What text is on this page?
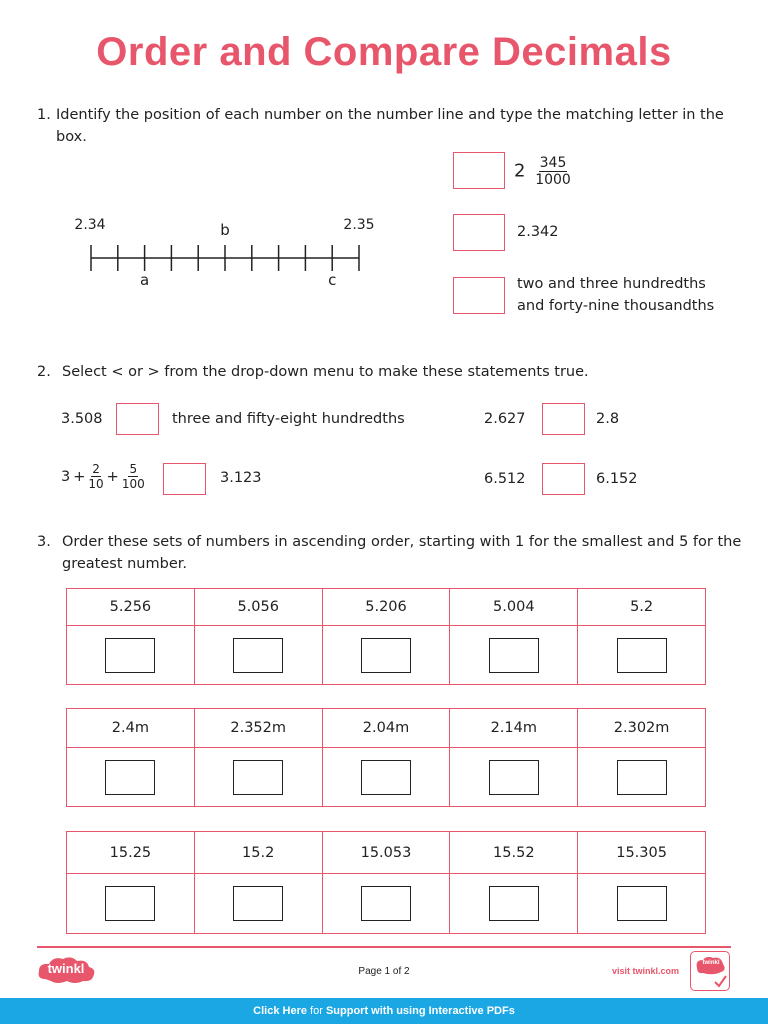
Order and Compare Decimals
1. Identify the position of each number on the number line and type the matching letter in the box.
2.34	2.35
b
a	c
$2 \frac{345}{1000}$
2.342
two and three hundredths
and forty-nine thousandths
2. Select < or > from the drop-down menu to make these statements true.
3.508	three and fifty-eight hundredths	2.627	2.8
$3 + \frac{2}{10} + \frac{5}{100}$	3.123	6.512	6.152
3. Order these sets of numbers in ascending order, starting with 1 for the smallest and 5 for the greatest number.
5.256	5.056	5.206	5.004	5.2

2.4m	2.352m	2.04m	2.14m	2.302m

15.25	15.2	15.053	15.52	15.305

twinkl	Page 1 of 2	visit twinkl.com
twinkl
Click Here for Support with using Interactive PDFs
